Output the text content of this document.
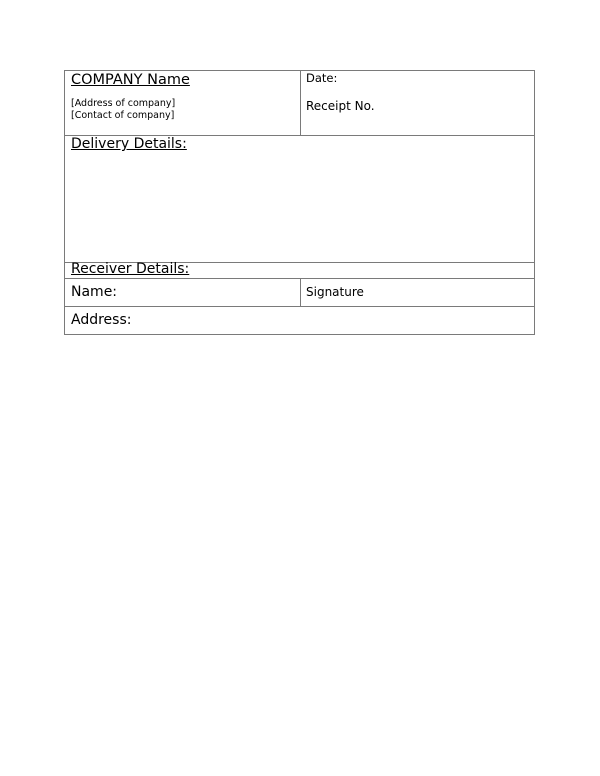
COMPANY Name
[Address of company]
[Contact of company]
Date:
Receipt No.
Delivery Details:
Receiver Details:
Name:	Signature
Address:
